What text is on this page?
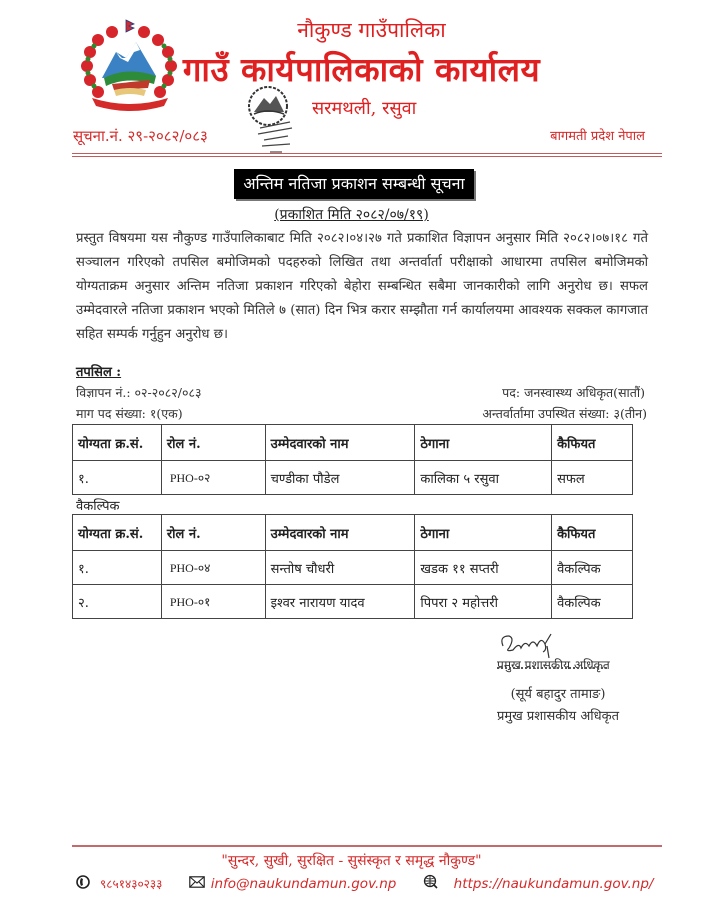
नौकुण्ड गाउँपालिका
गाउँ कार्यपालिकाको कार्यालय
सरमथली, रसुवा
सूचना.नं. २९-२०८२/०८३	बागमती प्रदेश नेपाल
अन्तिम नतिजा प्रकाशन सम्बन्धी सूचना
(प्रकाशित मिति २०८२/०७/१९)
प्रस्तुत विषयमा यस नौकुण्ड गाउँपालिकाबाट मिति २०८२।०४।२७ गते प्रकाशित विज्ञापन अनुसार मिति २०८२।०७।१८ गते सञ्चालन गरिएको तपसिल बमोजिमको पदहरुको लिखित तथा अन्तर्वार्ता परीक्षाको आधारमा तपसिल बमोजिमको योग्यताक्रम अनुसार अन्तिम नतिजा प्रकाशन गरिएको बेहोरा सम्बन्धित सबैमा जानकारीको लागि अनुरोध छ। सफल उम्मेदवारले नतिजा प्रकाशन भएको मितिले ७ (सात) दिन भित्र करार सम्झौता गर्न कार्यालयमा आवश्यक सक्कल कागजात सहित सम्पर्क गर्नुहुन अनुरोध छ।
तपसिल :
विज्ञापन नं.: ०२-२०८२/०८३	पद: जनस्वास्थ्य अधिकृत(सातौं)
माग पद संख्या: १(एक)	अन्तर्वार्तामा उपस्थित संख्या: ३(तीन)
योग्यता क्र.सं.	रोल नं.	उम्मेदवारको नाम	ठेगाना	कैफियत
१.	PHO-०२	चण्डीका पौडेल	कालिका ५ रसुवा	सफल
वैकल्पिक
योग्यता क्र.सं.	रोल नं.	उम्मेदवारको नाम	ठेगाना	कैफियत
१.	PHO-०४	सन्तोष चौधरी	खडक ११ सप्तरी	वैकल्पिक
२.	PHO-०१	इश्वर नारायण यादव	पिपरा २ महोत्तरी	वैकल्पिक
प्रमुख प्रशासकीय अधिकृत
(सूर्य बहादुर तामाङ)
प्रमुख प्रशासकीय अधिकृत
"सुन्दर, सुखी, सुरक्षित - सुसंस्कृत र समृद्ध नौकुण्ड"
९८५१४३०२३३	info@naukundamun.gov.np	https://naukundamun.gov.np/
